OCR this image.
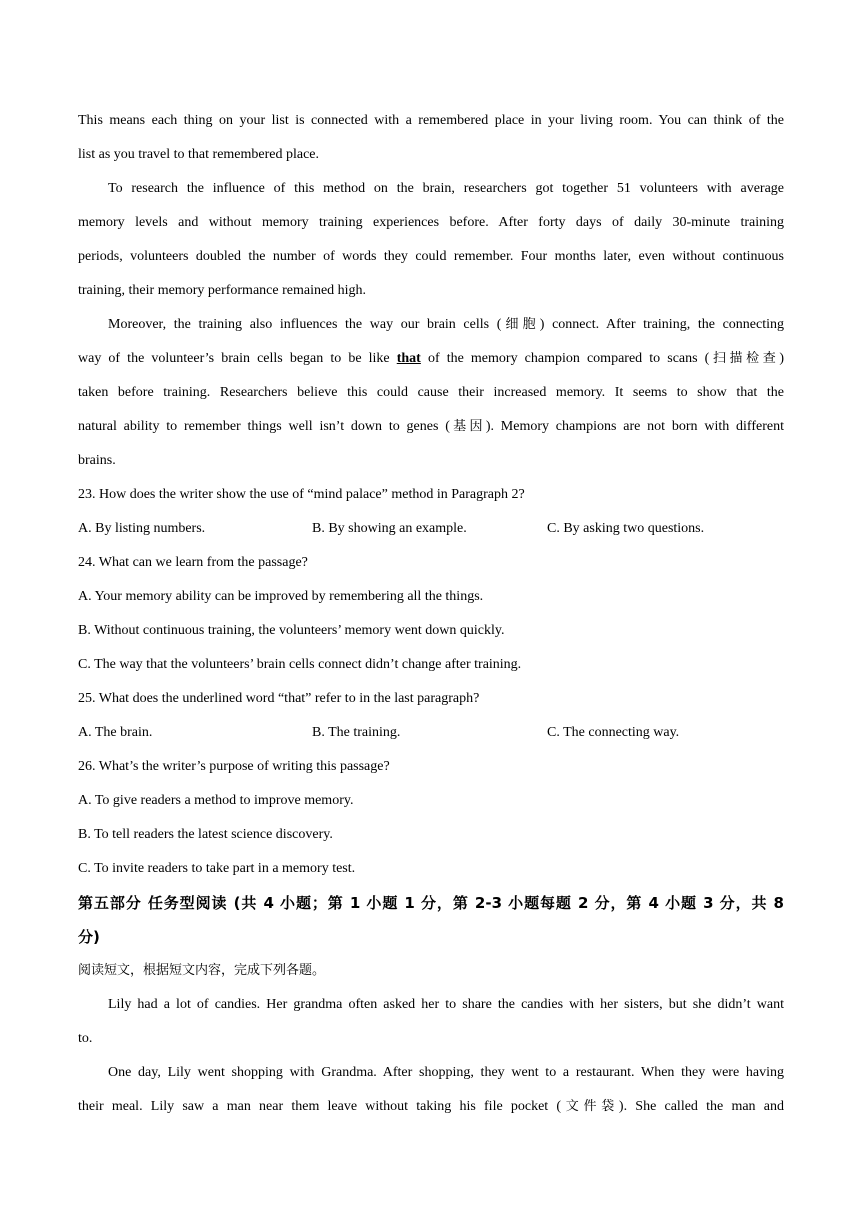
This means each thing on your list is connected with a remembered place in your living room. You can think of the
list as you travel to that remembered place.
To research the influence of this method on the brain, researchers got together 51 volunteers with average
memory levels and without memory training experiences before. After forty days of daily 30-minute training
periods, volunteers doubled the number of words they could remember. Four months later, even without continuous
training, their memory performance remained high.
Moreover, the training also influences the way our brain cells (细胞) connect. After training, the connecting
way of the volunteer’s brain cells began to be like that of the memory champion compared to scans (扫描检查)
taken before training. Researchers believe this could cause their increased memory. It seems to show that the
natural ability to remember things well isn’t down to genes (基因). Memory champions are not born with different
brains.
23. How does the writer show the use of “mind palace” method in Paragraph 2?
A. By listing numbers.	B. By showing an example.	C. By asking two questions.
24. What can we learn from the passage?
A. Your memory ability can be improved by remembering all the things.
B. Without continuous training, the volunteers’ memory went down quickly.
C. The way that the volunteers’ brain cells connect didn’t change after training.
25. What does the underlined word “that” refer to in the last paragraph?
A. The brain.	B. The training.	C. The connecting way.
26. What’s the writer’s purpose of writing this passage?
A. To give readers a method to improve memory.
B. To tell readers the latest science discovery.
C. To invite readers to take part in a memory test.
第五部分 任务型阅读 (共 4 小题；第 1 小题 1 分，第 2-3 小题每题 2 分，第 4 小题 3 分，共 8
分)
阅读短文，根据短文内容，完成下列各题。
Lily had a lot of candies. Her grandma often asked her to share the candies with her sisters, but she didn’t want
to.
One day, Lily went shopping with Grandma. After shopping, they went to a restaurant. When they were having
their meal. Lily saw a man near them leave without taking his file pocket (文件袋). She called the man and
